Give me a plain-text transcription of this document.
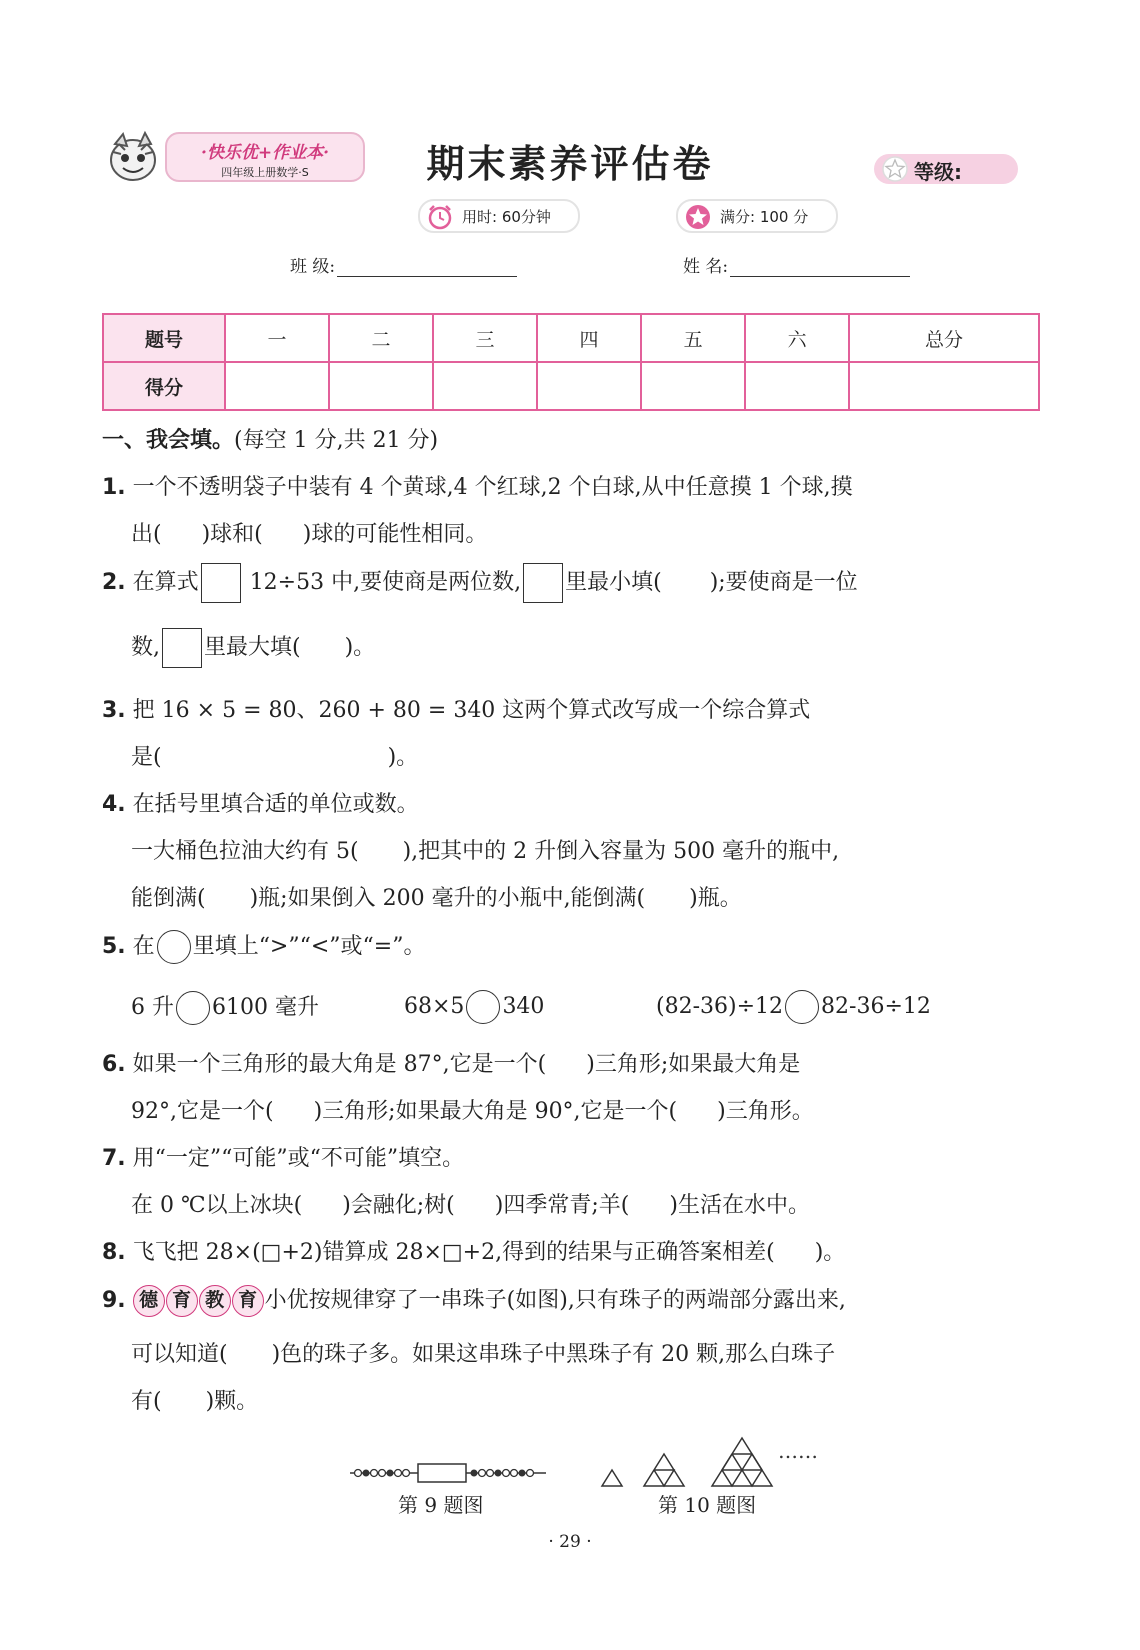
·快乐优+作业本·
四年级上册数学·S	期末素养评估卷	等级:
用时: 60分钟	满分: 100 分
班 级:	姓 名:
题号	一	二	三	四	五	六	总分
得分							
一、我会填。(每空 1 分,共 21 分)
1. 一个不透明袋子中装有 4 个黄球,4 个红球,2 个白球,从中任意摸 1 个球,摸
出( )球和( )球的可能性相同。
2. 在算式 12÷53 中,要使商是两位数, 里最小填( );要使商是一位
数, 里最大填( )。
3. 把 16 × 5 = 80、260 + 80 = 340 这两个算式改写成一个综合算式
是(	)。
4. 在括号里填合适的单位或数。
一大桶色拉油大约有 5( ),把其中的 2 升倒入容量为 500 毫升的瓶中,
能倒满( )瓶;如果倒入 200 毫升的小瓶中,能倒满( )瓶。
5. 在 里填上“>”“<”或“=”。
6 升 6100 毫升	68×5 340	(82-36)÷12 82-36÷12
6. 如果一个三角形的最大角是 87°,它是一个( )三角形;如果最大角是
92°,它是一个( )三角形;如果最大角是 90°,它是一个( )三角形。
7. 用“一定”“可能”或“不可能”填空。
在 0 ℃以上冰块( )会融化;树( )四季常青;羊( )生活在水中。
8. 飞飞把 28×(□+2)错算成 28×□+2,得到的结果与正确答案相差( )。
9. 德 育 教 育 小优按规律穿了一串珠子(如图),只有珠子的两端部分露出来,
可以知道( )色的珠子多。如果这串珠子中黑珠子有 20 颗,那么白珠子
有( )颗。
第 9 题图
……
第 10 题图
· 29 ·
